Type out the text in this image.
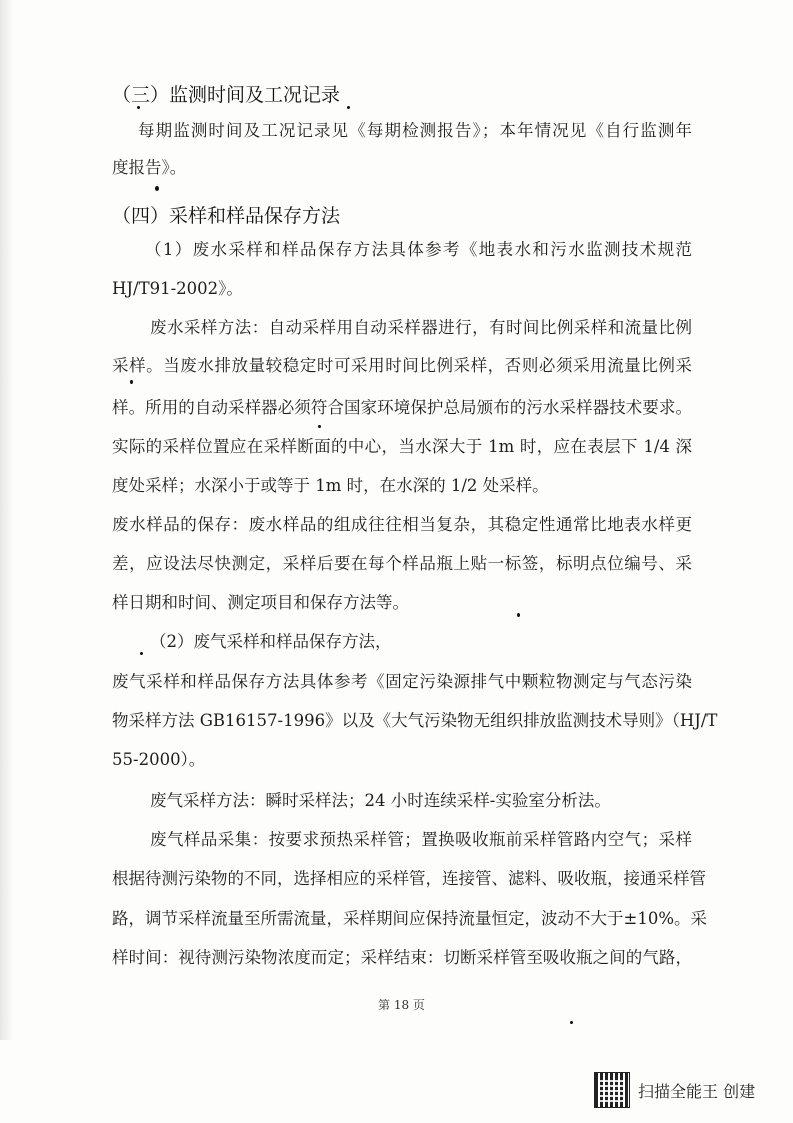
（三）监测时间及工况记录
每期监测时间及工况记录见《每期检测报告》；本年情况见《自行监测年
度报告》。
（四）采样和样品保存方法
（1）废水采样和样品保存方法具体参考《地表水和污水监测技术规范
HJ/T91-2002》。
废水采样方法：自动采样用自动采样器进行，有时间比例采样和流量比例
采样。当废水排放量较稳定时可采用时间比例采样，否则必须采用流量比例采
样。所用的自动采样器必须符合国家环境保护总局颁布的污水采样器技术要求。
实际的采样位置应在采样断面的中心，当水深大于 1m 时，应在表层下 1/4 深
度处采样；水深小于或等于 1m 时，在水深的 1/2 处采样。
废水样品的保存：废水样品的组成往往相当复杂，其稳定性通常比地表水样更
差，应设法尽快测定，采样后要在每个样品瓶上贴一标签，标明点位编号、采
样日期和时间、测定项目和保存方法等。
（2）废气采样和样品保存方法，
废气采样和样品保存方法具体参考《固定污染源排气中颗粒物测定与气态污染
物采样方法 GB16157-1996》以及《大气污染物无组织排放监测技术导则》（HJ/T
55-2000）。
废气采样方法：瞬时采样法；24 小时连续采样-实验室分析法。
废气样品采集：按要求预热采样管；置换吸收瓶前采样管路内空气；采样
根据待测污染物的不同，选择相应的采样管，连接管、滤料、吸收瓶，接通采样管
路，调节采样流量至所需流量，采样期间应保持流量恒定，波动不大于±10%。采
样时间：视待测污染物浓度而定；采样结束：切断采样管至吸收瓶之间的气路，
第 18 页
扫描全能王 创建
